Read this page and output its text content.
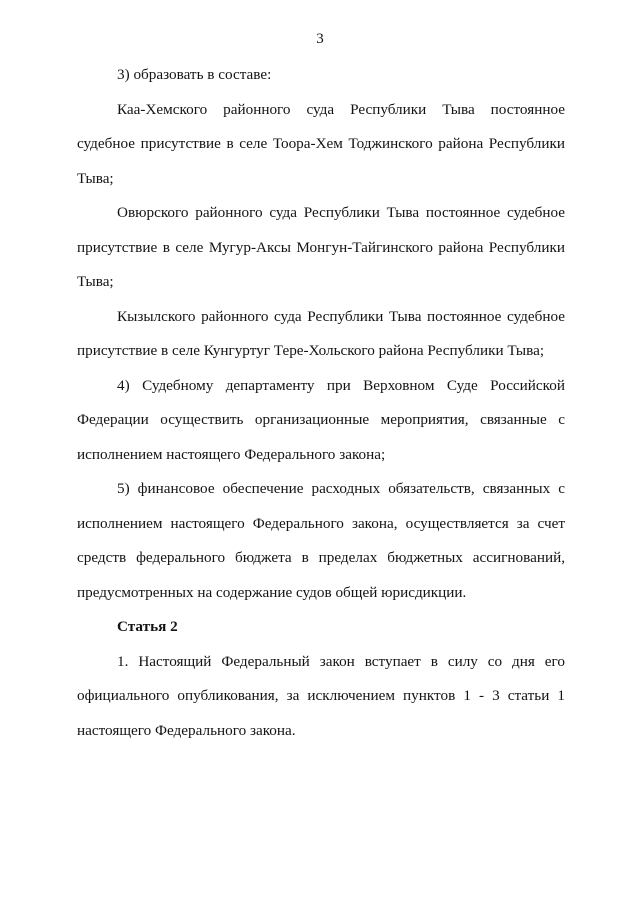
3

3) образовать в составе:

Каа-Хемского районного суда Республики Тыва постоянное судебное присутствие в селе Тоора-Хем Тоджинского района Республики Тыва;

Овюрского районного суда Республики Тыва постоянное судебное присутствие в селе Мугур-Аксы Монгун-Тайгинского района Республики Тыва;

Кызылского районного суда Республики Тыва постоянное судебное присутствие в селе Кунгуртуг Тере-Хольского района Республики Тыва;

4) Судебному департаменту при Верховном Суде Российской Федерации осуществить организационные мероприятия, связанные с исполнением настоящего Федерального закона;

5) финансовое обеспечение расходных обязательств, связанных с исполнением настоящего Федерального закона, осуществляется за счет средств федерального бюджета в пределах бюджетных ассигнований, предусмотренных на содержание судов общей юрисдикции.

Статья 2

1. Настоящий Федеральный закон вступает в силу со дня его официального опубликования, за исключением пунктов 1 - 3 статьи 1 настоящего Федерального закона.
